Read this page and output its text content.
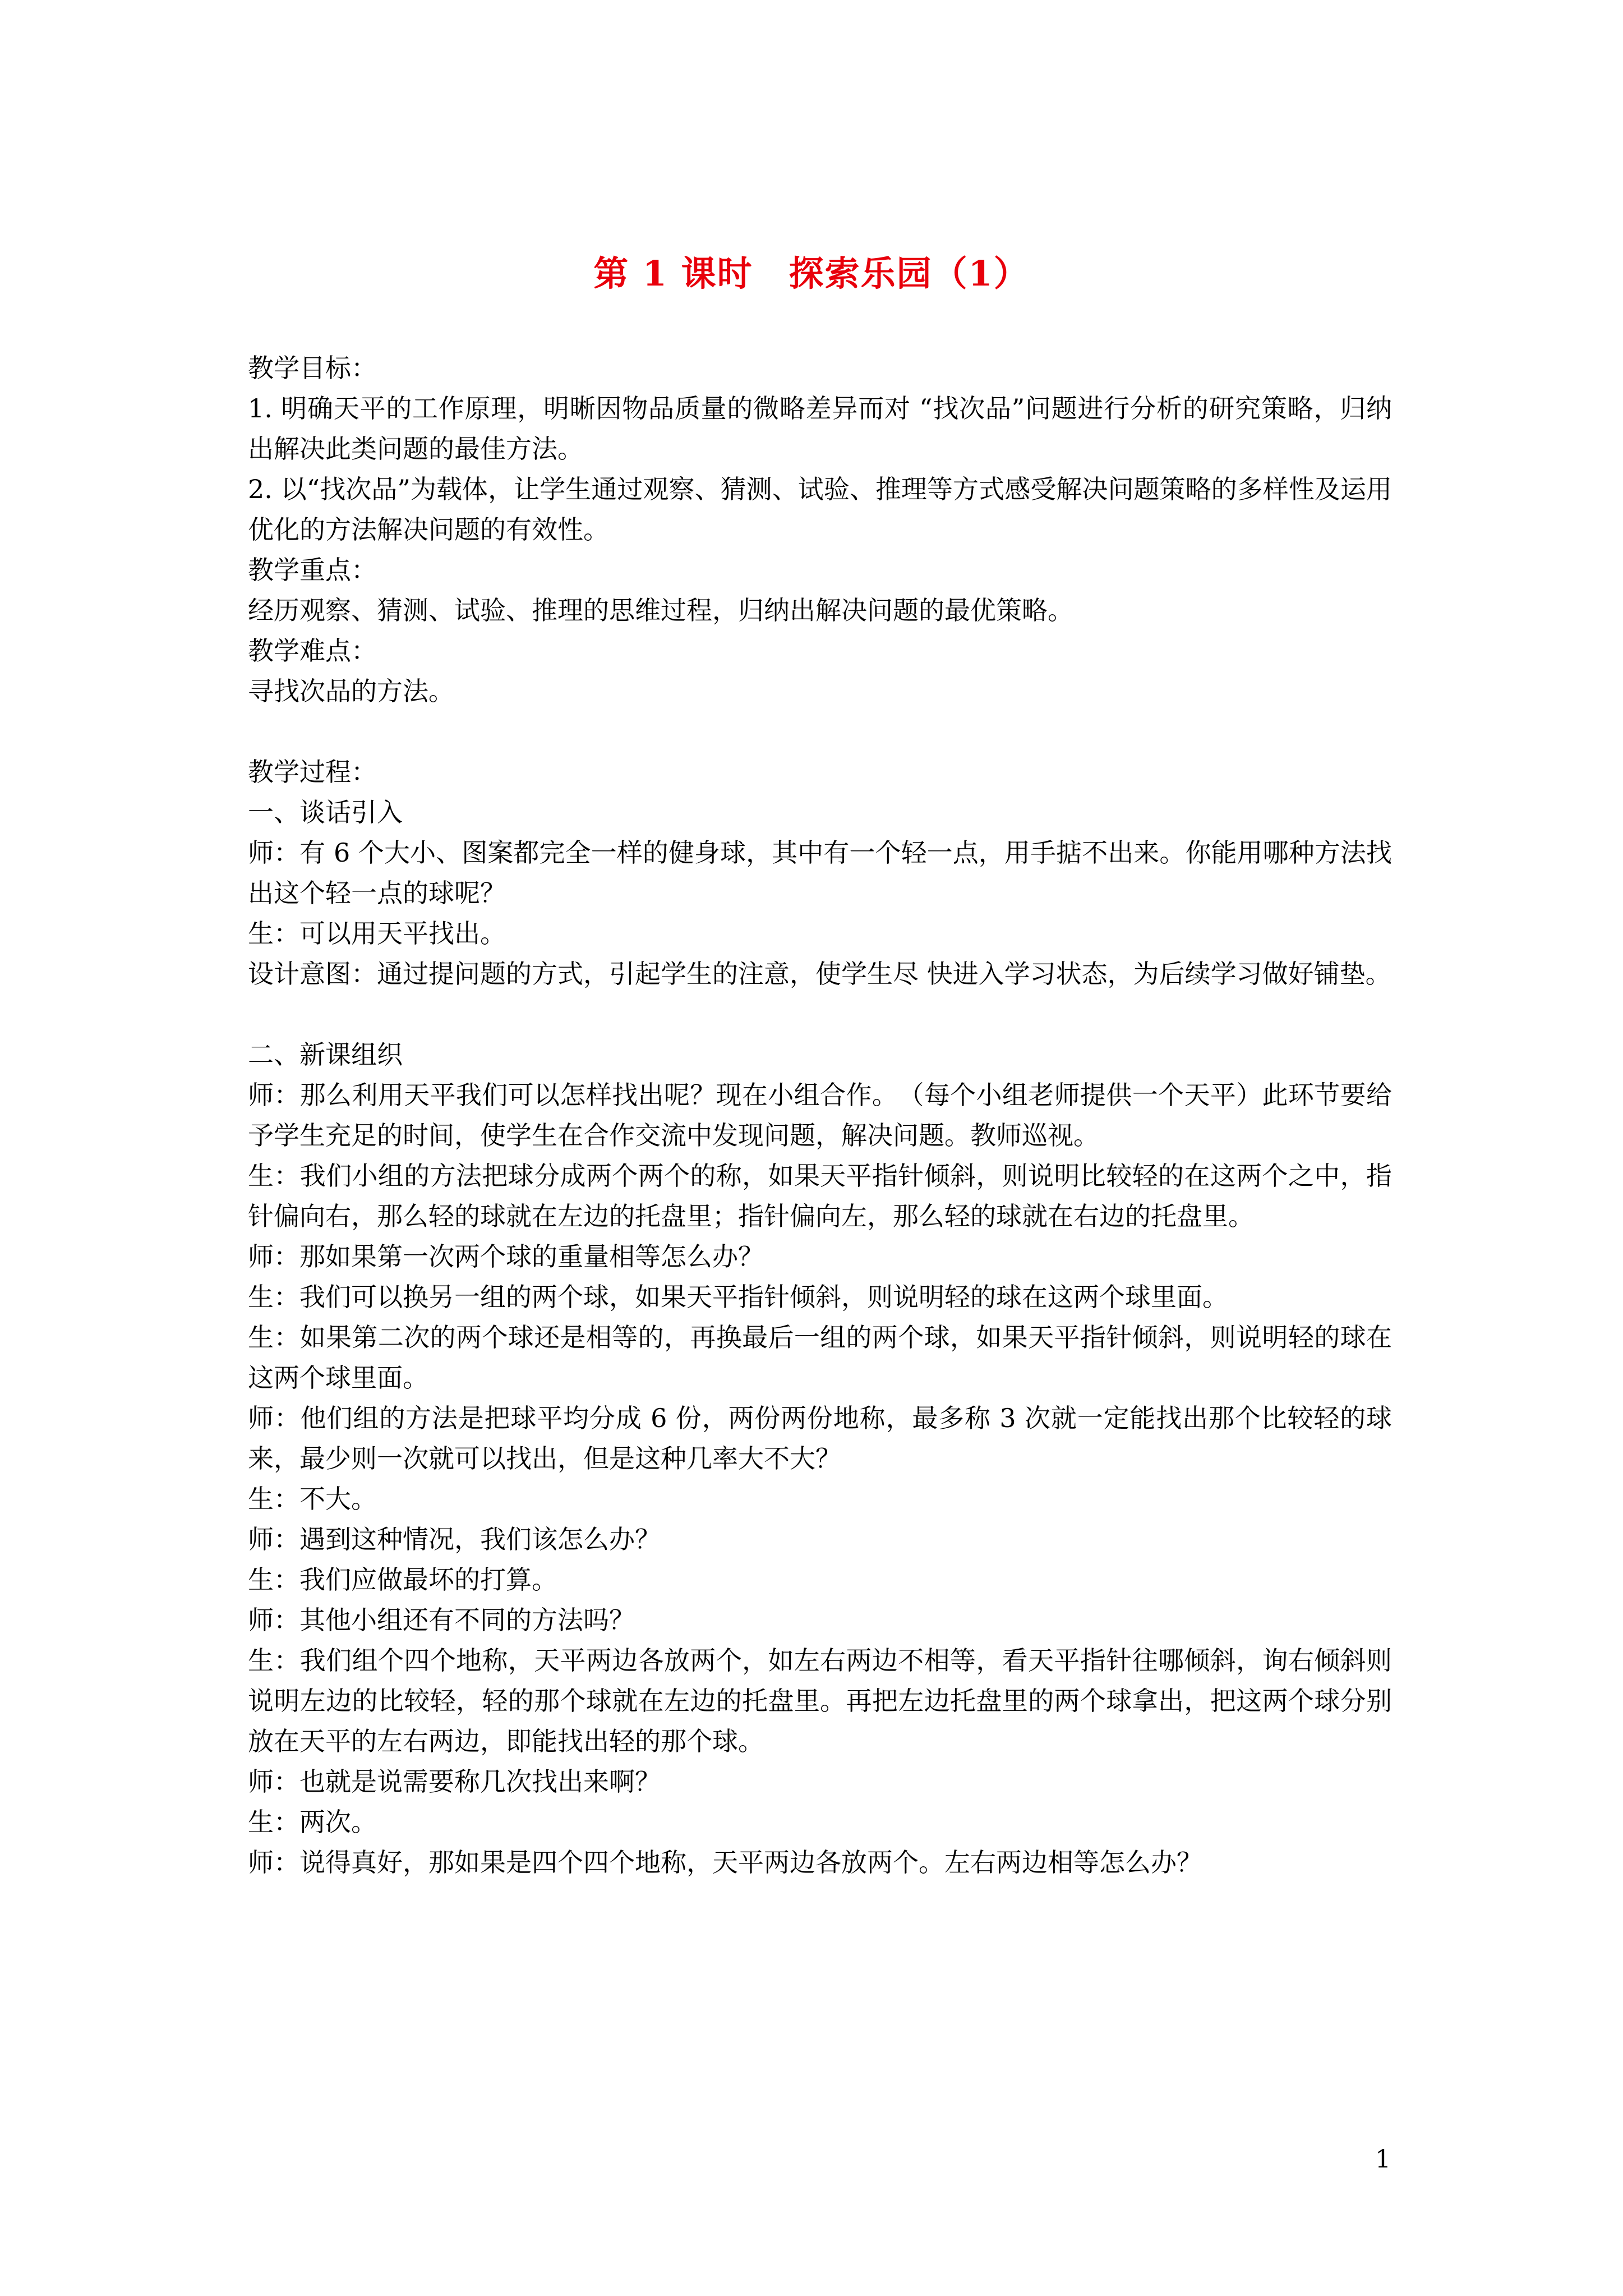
第 1 课时　探索乐园（1）

教学目标：

1. 明确天平的工作原理，明晰因物品质量的微略差异而对 “找次品”问题进行分析的研究策略，归纳出解决此类问题的最佳方法。

2. 以“找次品”为载体，让学生通过观察、猜测、试验、推理等方式感受解决问题策略的多样性及运用优化的方法解决问题的有效性。

教学重点：

经历观察、猜测、试验、推理的思维过程，归纳出解决问题的最优策略。

教学难点：

寻找次品的方法。

教学过程：

一、谈话引入

师：有 6 个大小、图案都完全一样的健身球，其中有一个轻一点，用手掂不出来。你能用哪种方法找出这个轻一点的球呢？

生：可以用天平找出。

设计意图：通过提问题的方式，引起学生的注意，使学生尽 快进入学习状态，为后续学习做好铺垫。

二、新课组织

师：那么利用天平我们可以怎样找出呢？现在小组合作。　（每个小组老师提供一个天平）此环节要给予学生充足的时间，使学生在合作交流中发现问题，解决问题。教师巡视。

生：我们小组的方法把球分成两个两个的称，如果天平指针倾斜，则说明比较轻的在这两个之中，指针偏向右，那么轻的球就在左边的托盘里；指针偏向左，那么轻的球就在右边的托盘里。

师：那如果第一次两个球的重量相等怎么办？

生：我们可以换另一组的两个球，如果天平指针倾斜，则说明轻的球在这两个球里面。

生：如果第二次的两个球还是相等的，再换最后一组的两个球，如果天平指针倾斜，则说明轻的球在这两个球里面。

师：他们组的方法是把球平均分成 6 份，两份两份地称，最多称 3 次就一定能找出那个比较轻的球来，最少则一次就可以找出，但是这种几率大不大？

生：不大。

师：遇到这种情况，我们该怎么办？

生：我们应做最坏的打算。

师：其他小组还有不同的方法吗？

生：我们组个四个地称，天平两边各放两个，如左右两边不相等，看天平指针往哪倾斜，询右倾斜则说明左边的比较轻，轻的那个球就在左边的托盘里。再把左边托盘里的两个球拿出，把这两个球分别放在天平的左右两边，即能找出轻的那个球。

师：也就是说需要称几次找出来啊？

生：两次。

师：说得真好，那如果是四个四个地称，天平两边各放两个。左右两边相等怎么办？

1
